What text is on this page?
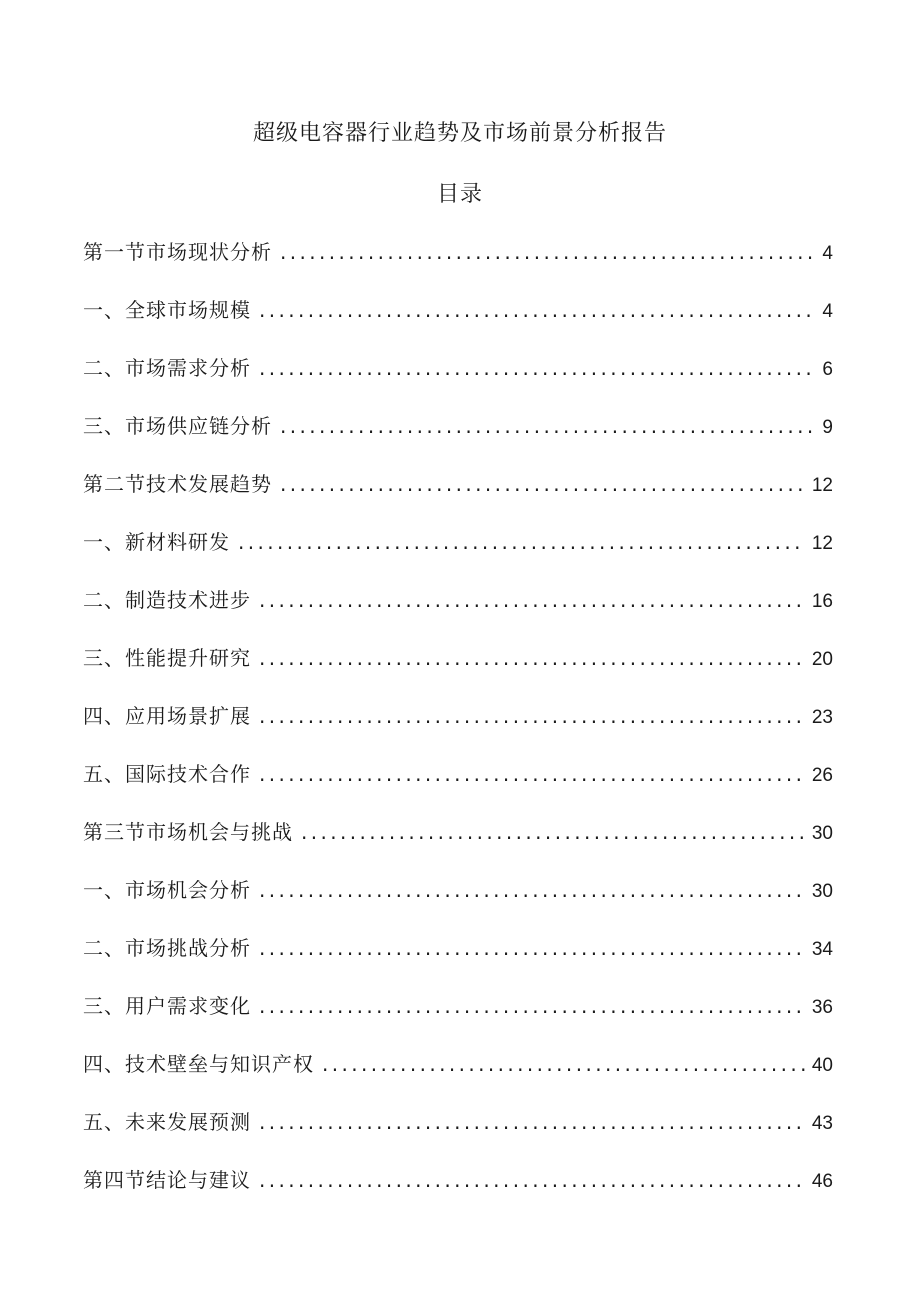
超级电容器行业趋势及市场前景分析报告
目录
第一节市场现状分析 .....	4
一、全球市场规模 .....	4
二、市场需求分析 .....	6
三、市场供应链分析 .....	9
第二节技术发展趋势 .....	12
一、新材料研发 .....	12
二、制造技术进步 .....	16
三、性能提升研究 .....	20
四、应用场景扩展 .....	23
五、国际技术合作 .....	26
第三节市场机会与挑战 .....	30
一、市场机会分析 .....	30
二、市场挑战分析 .....	34
三、用户需求变化 .....	36
四、技术壁垒与知识产权 .....	40
五、未来发展预测 .....	43
第四节结论与建议 .....	46
